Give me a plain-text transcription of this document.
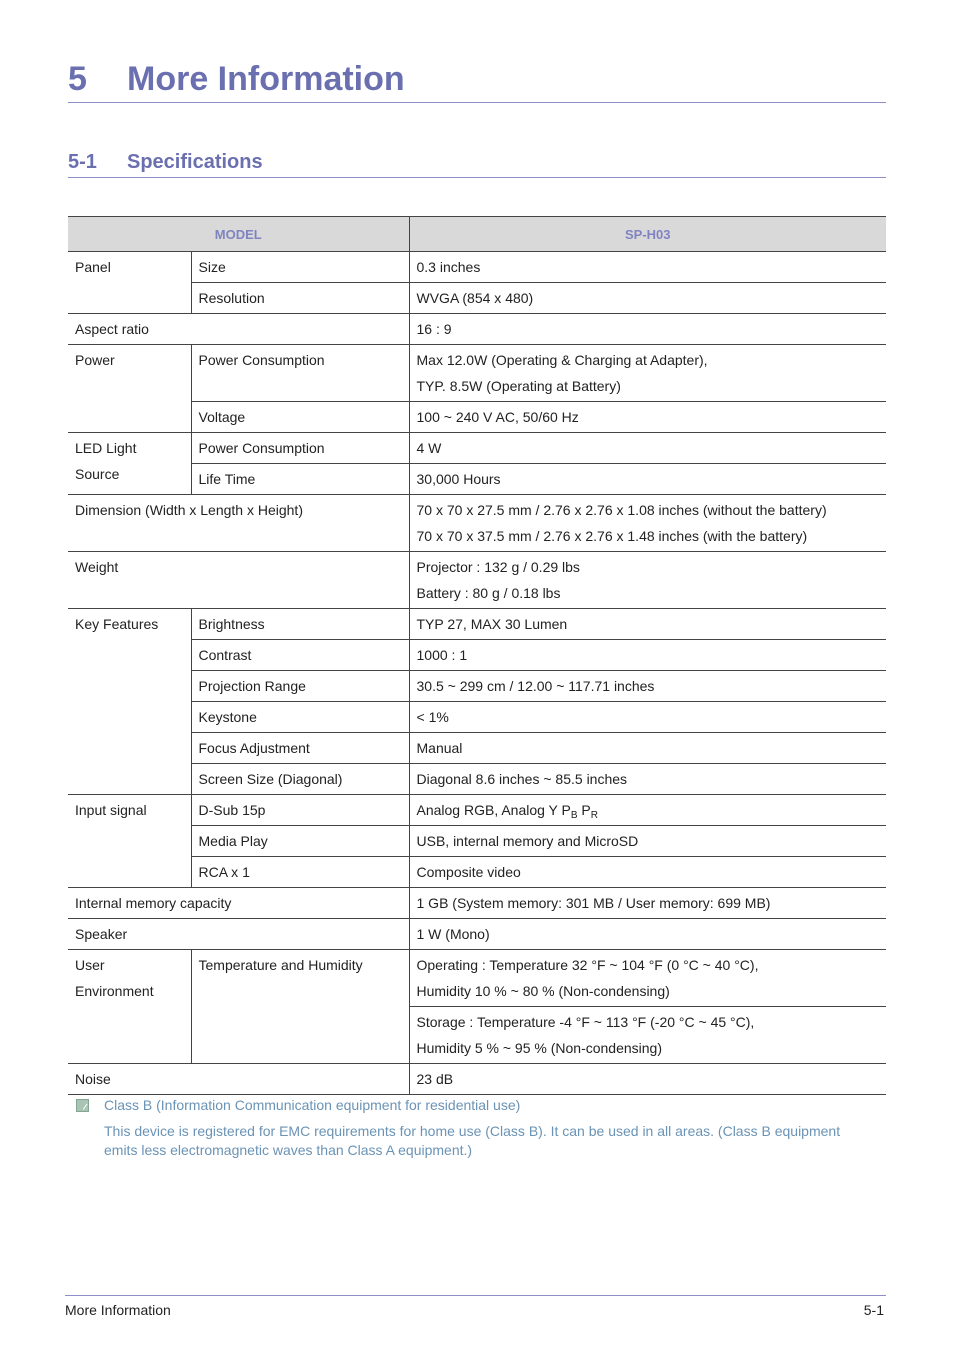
5 More Information
5-1 Specifications
MODEL		SP-H03
Panel	Size	0.3 inches
	Resolution	WVGA (854 x 480)
Aspect ratio		16 : 9
Power	Power Consumption	Max 12.0W (Operating & Charging at Adapter),
TYP. 8.5W (Operating at Battery)

	Voltage	100 ~ 240 V AC, 50/60 Hz
LED Light Source	Power Consumption	4 W
	Life Time	30,000 Hours
Dimension (Width x Length x Height)		70 x 70 x 27.5 mm / 2.76 x 2.76 x 1.08 inches (without the battery)
70 x 70 x 37.5 mm / 2.76 x 2.76 x 1.48 inches (with the battery)

Weight		Projector : 132 g / 0.29 lbs
Battery : 80 g / 0.18 lbs

Key Features	Brightness	TYP 27, MAX 30 Lumen
	Contrast	1000 : 1
	Projection Range	30.5 ~ 299 cm / 12.00 ~ 117.71 inches
	Keystone	< 1%
	Focus Adjustment	Manual
	Screen Size (Diagonal)	Diagonal 8.6 inches ~ 85.5 inches
Input signal	D-Sub 15p	Analog RGB, Analog Y $P_B$ $P_R$
	Media Play	USB, internal memory and MicroSD
	RCA x 1	Composite video
Internal memory capacity		1 GB (System memory: 301 MB / User memory: 699 MB)
Speaker		1 W (Mono)
User Environment	Temperature and Humidity	Operating : Temperature 32 °F ~ 104 °F (0 °C ~ 40 °C),
Humidity 10 % ~ 80 % (Non-condensing)

		Storage : Temperature -4 °F ~ 113 °F (-20 °C ~ 45 °C),
Humidity 5 % ~ 95 % (Non-condensing)

Noise		23 dB
Class B (Information Communication equipment for residential use)
This device is registered for EMC requirements for home use (Class B). It can be used in all areas. (Class B equipment emits less electromagnetic waves than Class A equipment.)
More Information	5-1
